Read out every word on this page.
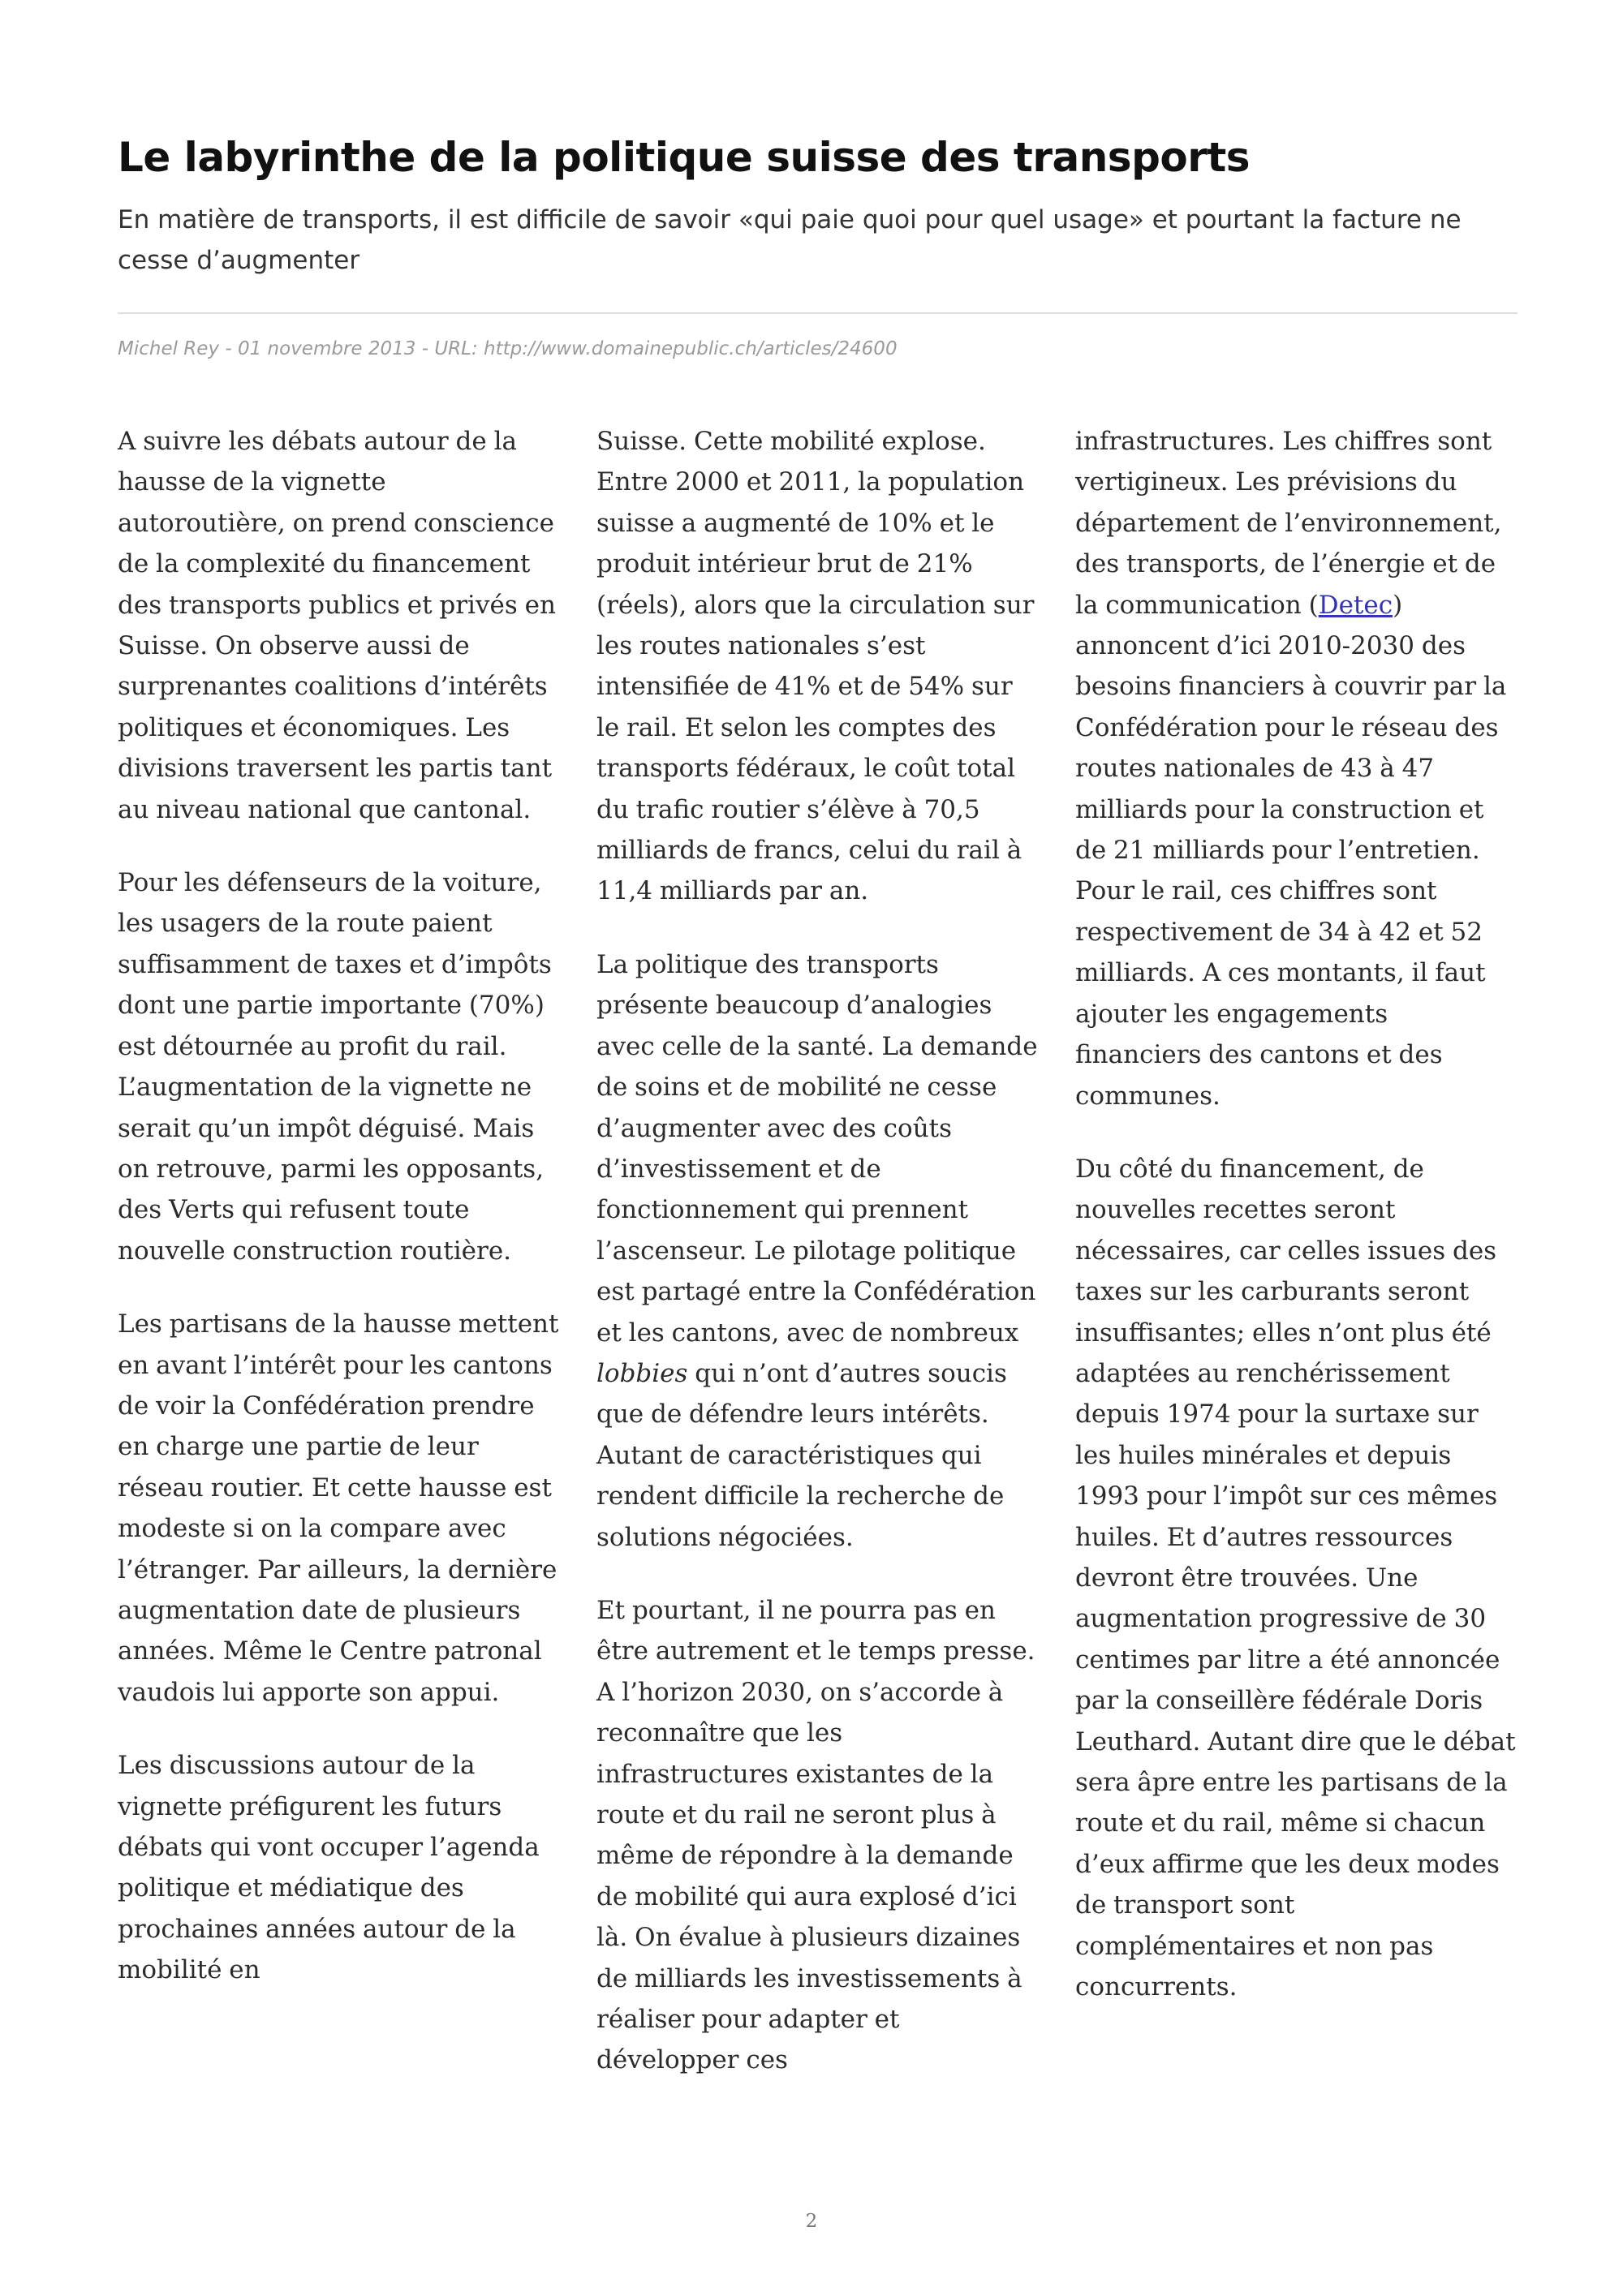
Le labyrinthe de la politique suisse des transports

En matière de transports, il est difficile de savoir «qui paie quoi pour quel usage» et pourtant la facture ne cesse d’augmenter

Michel Rey - 01 novembre 2013 - URL: http://www.domainepublic.ch/articles/24600

A suivre les débats autour de la hausse de la vignette autoroutière, on prend conscience de la complexité du financement des transports publics et privés en Suisse. On observe aussi de surprenantes coalitions d’intérêts politiques et économiques. Les divisions traversent les partis tant au niveau national que cantonal.

Pour les défenseurs de la voiture, les usagers de la route paient suffisamment de taxes et d’impôts dont une partie importante (70%) est détournée au profit du rail. L’augmentation de la vignette ne serait qu’un impôt déguisé. Mais on retrouve, parmi les opposants, des Verts qui refusent toute nouvelle construction routière.

Les partisans de la hausse mettent en avant l’intérêt pour les cantons de voir la Confédération prendre en charge une partie de leur réseau routier. Et cette hausse est modeste si on la compare avec l’étranger. Par ailleurs, la dernière augmentation date de plusieurs années. Même le Centre patronal vaudois lui apporte son appui.

Les discussions autour de la vignette préfigurent les futurs débats qui vont occuper l’agenda politique et médiatique des prochaines années autour de la mobilité en

Suisse. Cette mobilité explose. Entre 2000 et 2011, la population suisse a augmenté de 10% et le produit intérieur brut de 21% (réels), alors que la circulation sur les routes nationales s’est intensifiée de 41% et de 54% sur le rail. Et selon les comptes des transports fédéraux, le coût total du trafic routier s’élève à 70,5 milliards de francs, celui du rail à 11,4 milliards par an.

La politique des transports présente beaucoup d’analogies avec celle de la santé. La demande de soins et de mobilité ne cesse d’augmenter avec des coûts d’investissement et de fonctionnement qui prennent l’ascenseur. Le pilotage politique est partagé entre la Confédération et les cantons, avec de nombreux lobbies qui n’ont d’autres soucis que de défendre leurs intérêts. Autant de caractéristiques qui rendent difficile la recherche de solutions négociées.

Et pourtant, il ne pourra pas en être autrement et le temps presse. A l’horizon 2030, on s’accorde à reconnaître que les infrastructures existantes de la route et du rail ne seront plus à même de répondre à la demande de mobilité qui aura explosé d’ici là. On évalue à plusieurs dizaines de milliards les investissements à réaliser pour adapter et développer ces

infrastructures. Les chiffres sont vertigineux. Les prévisions du département de l’environnement, des transports, de l’énergie et de la communication (Detec) annoncent d’ici 2010-2030 des besoins financiers à couvrir par la Confédération pour le réseau des routes nationales de 43 à 47 milliards pour la construction et de 21 milliards pour l’entretien. Pour le rail, ces chiffres sont respectivement de 34 à 42 et 52 milliards. A ces montants, il faut ajouter les engagements financiers des cantons et des communes.

Du côté du financement, de nouvelles recettes seront nécessaires, car celles issues des taxes sur les carburants seront insuffisantes; elles n’ont plus été adaptées au renchérissement depuis 1974 pour la surtaxe sur les huiles minérales et depuis 1993 pour l’impôt sur ces mêmes huiles. Et d’autres ressources devront être trouvées. Une augmentation progressive de 30 centimes par litre a été annoncée par la conseillère fédérale Doris Leuthard. Autant dire que le débat sera âpre entre les partisans de la route et du rail, même si chacun d’eux affirme que les deux modes de transport sont complémentaires et non pas concurrents.

2
